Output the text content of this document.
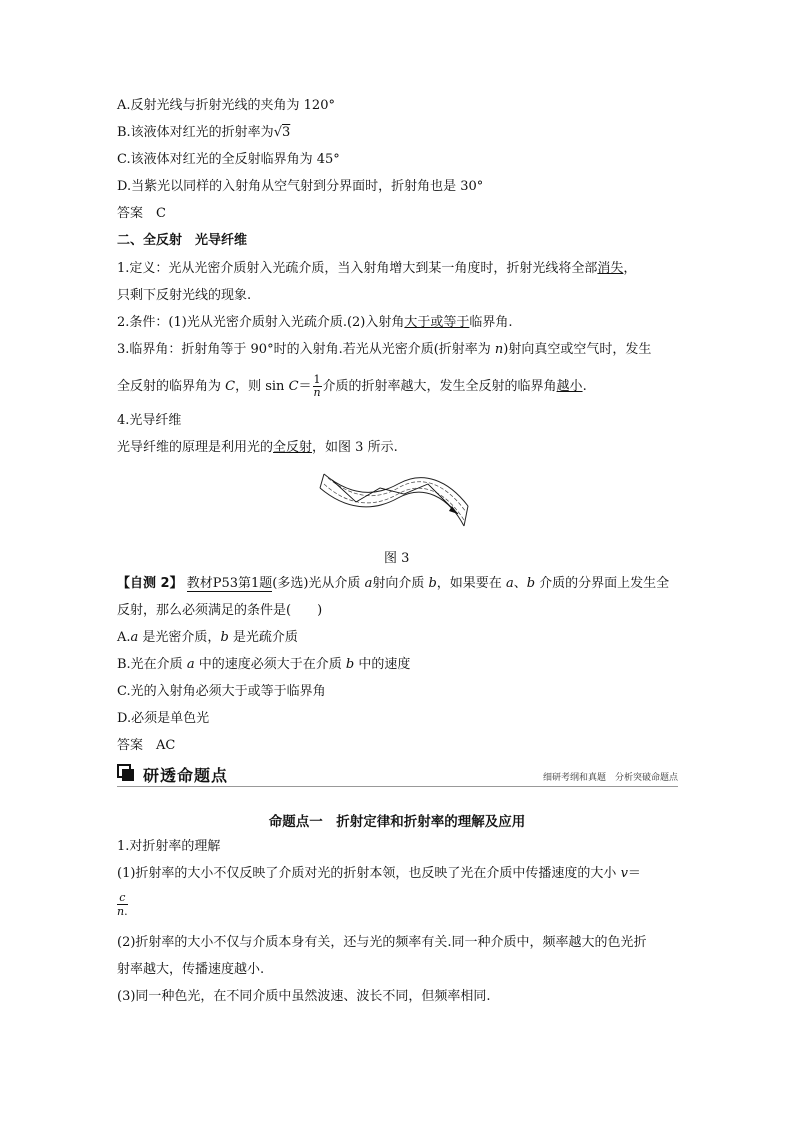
A.反射光线与折射光线的夹角为 120°
B.该液体对红光的折射率为√3
C.该液体对红光的全反射临界角为 45°
D.当紫光以同样的入射角从空气射到分界面时，折射角也是 30°
答案　C
二、全反射　光导纤维
1.定义：光从光密介质射入光疏介质，当入射角增大到某一角度时，折射光线将全部消失，
只剩下反射光线的现象.
2.条件：(1)光从光密介质射入光疏介质.(2)入射角大于或等于临界角.
3.临界角：折射角等于 90°时的入射角.若光从光密介质(折射率为 n)射向真空或空气时，发生
全反射的临界角为 C，则 $\sin C= \frac{1}{n}$ 介质的折射率越大，发生全反射的临界角越小.
4.光导纤维
光导纤维的原理是利用光的全反射，如图 3 所示.
图 3
【自测 2】 教材P53第1题(多选)光从介质 a射向介质 b，如果要在 a、b 介质的分界面上发生全
反射，那么必须满足的条件是(　　)
A.a 是光密介质，b 是光疏介质
B.光在介质 a 中的速度必须大于在介质 b 中的速度
C.光的入射角必须大于或等于临界角
D.必须是单色光
答案　AC
研透命题点	细研考纲和真题　分析突破命题点
命题点一　折射定律和折射率的理解及应用
1.对折射率的理解
(1)折射率的大小不仅反映了介质对光的折射本领，也反映了光在介质中传播速度的大小 v＝
$\frac{c}{n.}$
(2)折射率的大小不仅与介质本身有关，还与光的频率有关.同一种介质中，频率越大的色光折
射率越大，传播速度越小.
(3)同一种色光，在不同介质中虽然波速、波长不同，但频率相同.
